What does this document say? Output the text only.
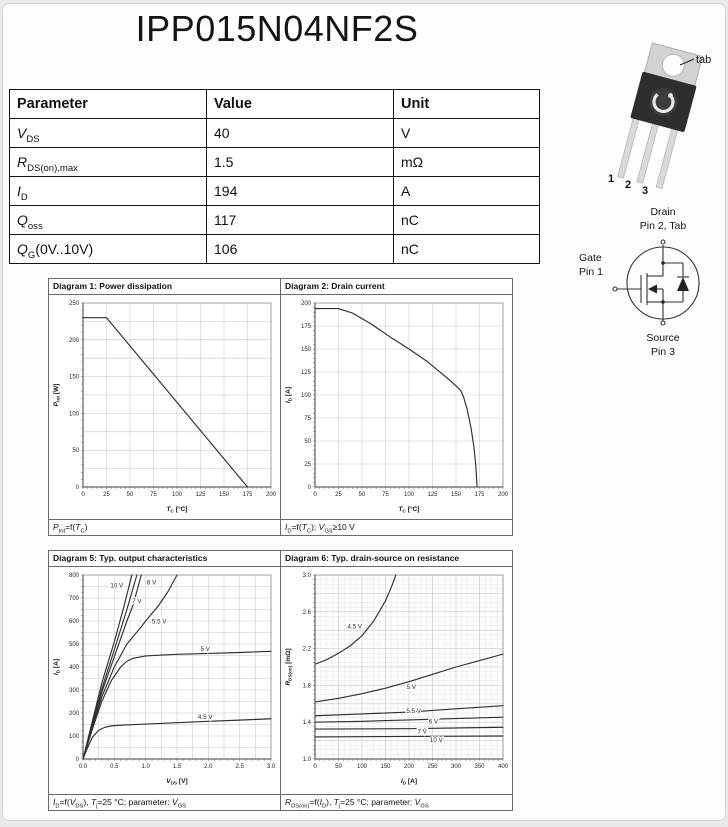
IPP015N04NF2S
Parameter	Value	Unit
$V_{DS}$	40	V
$R_{DS(on),max}$	1.5	mΩ
$I_D$	194	A
$Q_{oss}$	117	nC
$Q_G(0V..10V)$	106	nC
tab
1 2 3
Drain
Pin 2, Tab
Gate
Pin 1
Source
Pin 3
Diagram 1: Power dissipation
0	25	50	75	100 125 150 175 200
0
50
100
150
200
250
$T_C$ [°C]
$P_{tot}$ [W]
$P_{tot}=f(T_C)$
Diagram 2: Drain current
0	25	50	75	100 125 150 175 200
0
25
50
75
100
125
150
175
200
$T_C$ [°C]
$I_D$ [A]
$I_D=f(T_C)$; $V_{GS}\ge 10$ V
Diagram 5: Typ. output characteristics
0.0	0.5	1.0	1.5	2.0	2.5	3.0
0
100
200
300
400
500
600
700
800
$V_{DS}$ [V]
$I_D$ [A]
10 V	6 V
7 V
5.5 V
5 V
4.5 V
$I_D=f(V_{DS})$, $T_j=25$ °C; parameter: $V_{GS}$
Diagram 6: Typ. drain-source on resistance
0	50	100 150 200 250 300 350 400
1.0
1.4
1.8
2.2
2.6
3.0
$I_D$ [A]
$R_{DS(on)}$ [mΩ]
4.5 V
5 V
5.5 V
6 V
7 V
10 V
$R_{DS(on)}=f(I_D)$, $T_j=25$ °C; parameter: $V_{GS}$
